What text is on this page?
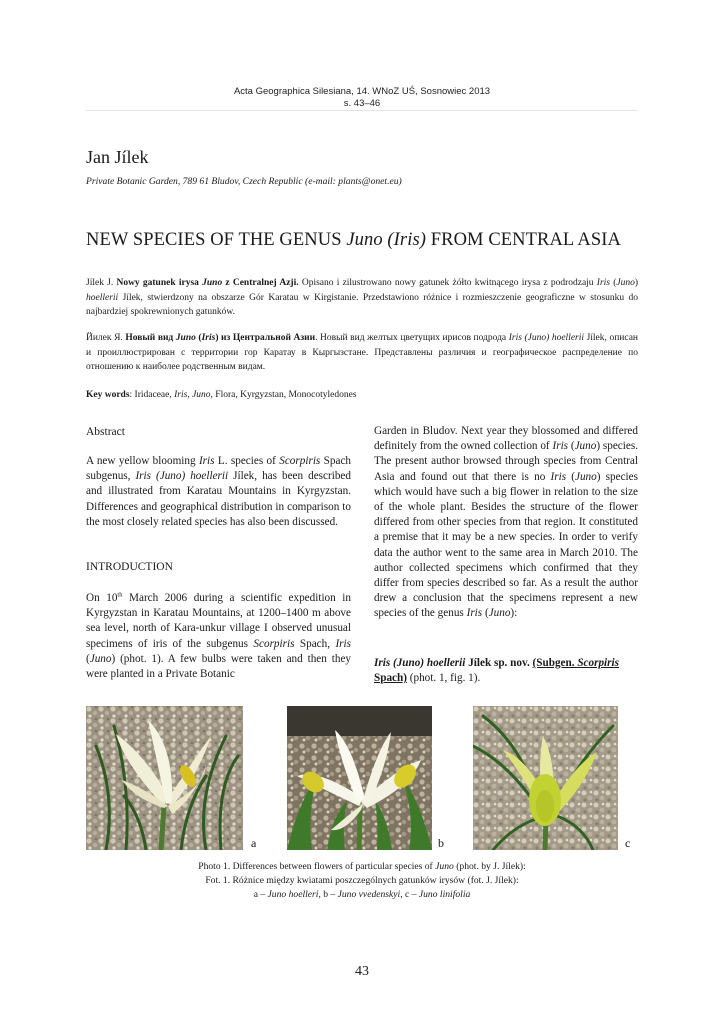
Acta Geographica Silesiana, 14. WNoZ UŚ, Sosnowiec 2013
s. 43–46
Jan Jílek
Private Botanic Garden, 789 61 Bludov, Czech Republic (e-mail: plants@onet.eu)
NEW SPECIES OF THE GENUS Juno (Iris) FROM CENTRAL ASIA
Jílek J. Nowy gatunek irysa Juno z Centralnej Azji. Opisano i zilustrowano nowy gatunek żółto kwitnącego irysa z podrodzaju Iris (Juno) hoellerii Jílek, stwierdzony na obszarze Gór Karatau w Kirgistanie. Przedstawiono różnice i rozmieszczenie geograficzne w stosunku do najbardziej spokrewnionych gatunków.
Йилек Я. Новый вид Juno (Iris) из Центральной Азии. Новый вид желтых цветущих ирисов подрода Iris (Juno) hoellerii Jílek, описан и проиллюстрирован с территории гор Каратау в Кыргызстане. Представлены различия и географическое распределение по отношению к наиболее родственным видам.
Key words: Iridaceae, Iris, Juno, Flora, Kyrgyzstan, Monocotyledones
Abstract
A new yellow blooming Iris L. species of Scorpiris Spach subgenus, Iris (Juno) hoellerii Jílek, has been described and illustrated from Karatau Mountains in Kyrgyzstan. Differences and geographical distribution in comparison to the most closely related species has also been discussed.
INTRODUCTION
On 10th March 2006 during a scientific expedition in Kyrgyzstan in Karatau Mountains, at 1200–1400 m above sea level, north of Kara-unkur village I observed unusual specimens of iris of the subgenus Scorpiris Spach, Iris (Juno) (phot. 1). A few bulbs were taken and then they were planted in a Private Botanic
Garden in Bludov. Next year they blossomed and differed definitely from the owned collection of Iris (Juno) species. The present author browsed through species from Central Asia and found out that there is no Iris (Juno) species which would have such a big flower in relation to the size of the whole plant. Besides the structure of the flower differed from other species from that region. It constituted a premise that it may be a new species. In order to verify data the author went to the same area in March 2010. The author collected specimens which confirmed that they differ from species described so far. As a result the author drew a conclusion that the specimens represent a new species of the genus Iris (Juno):
Iris (Juno) hoellerii Jílek sp. nov. (Subgen. Scorpiris Spach) (phot. 1, fig. 1).
a	b	c
Photo 1. Differences between flowers of particular species of Juno (phot. by J. Jílek):
Fot. 1. Różnice między kwiatami poszczególnych gatunków irysów (fot. J. Jílek):
a – Juno hoelleri, b – Juno vvedenskyi, c – Juno linifolia
43
